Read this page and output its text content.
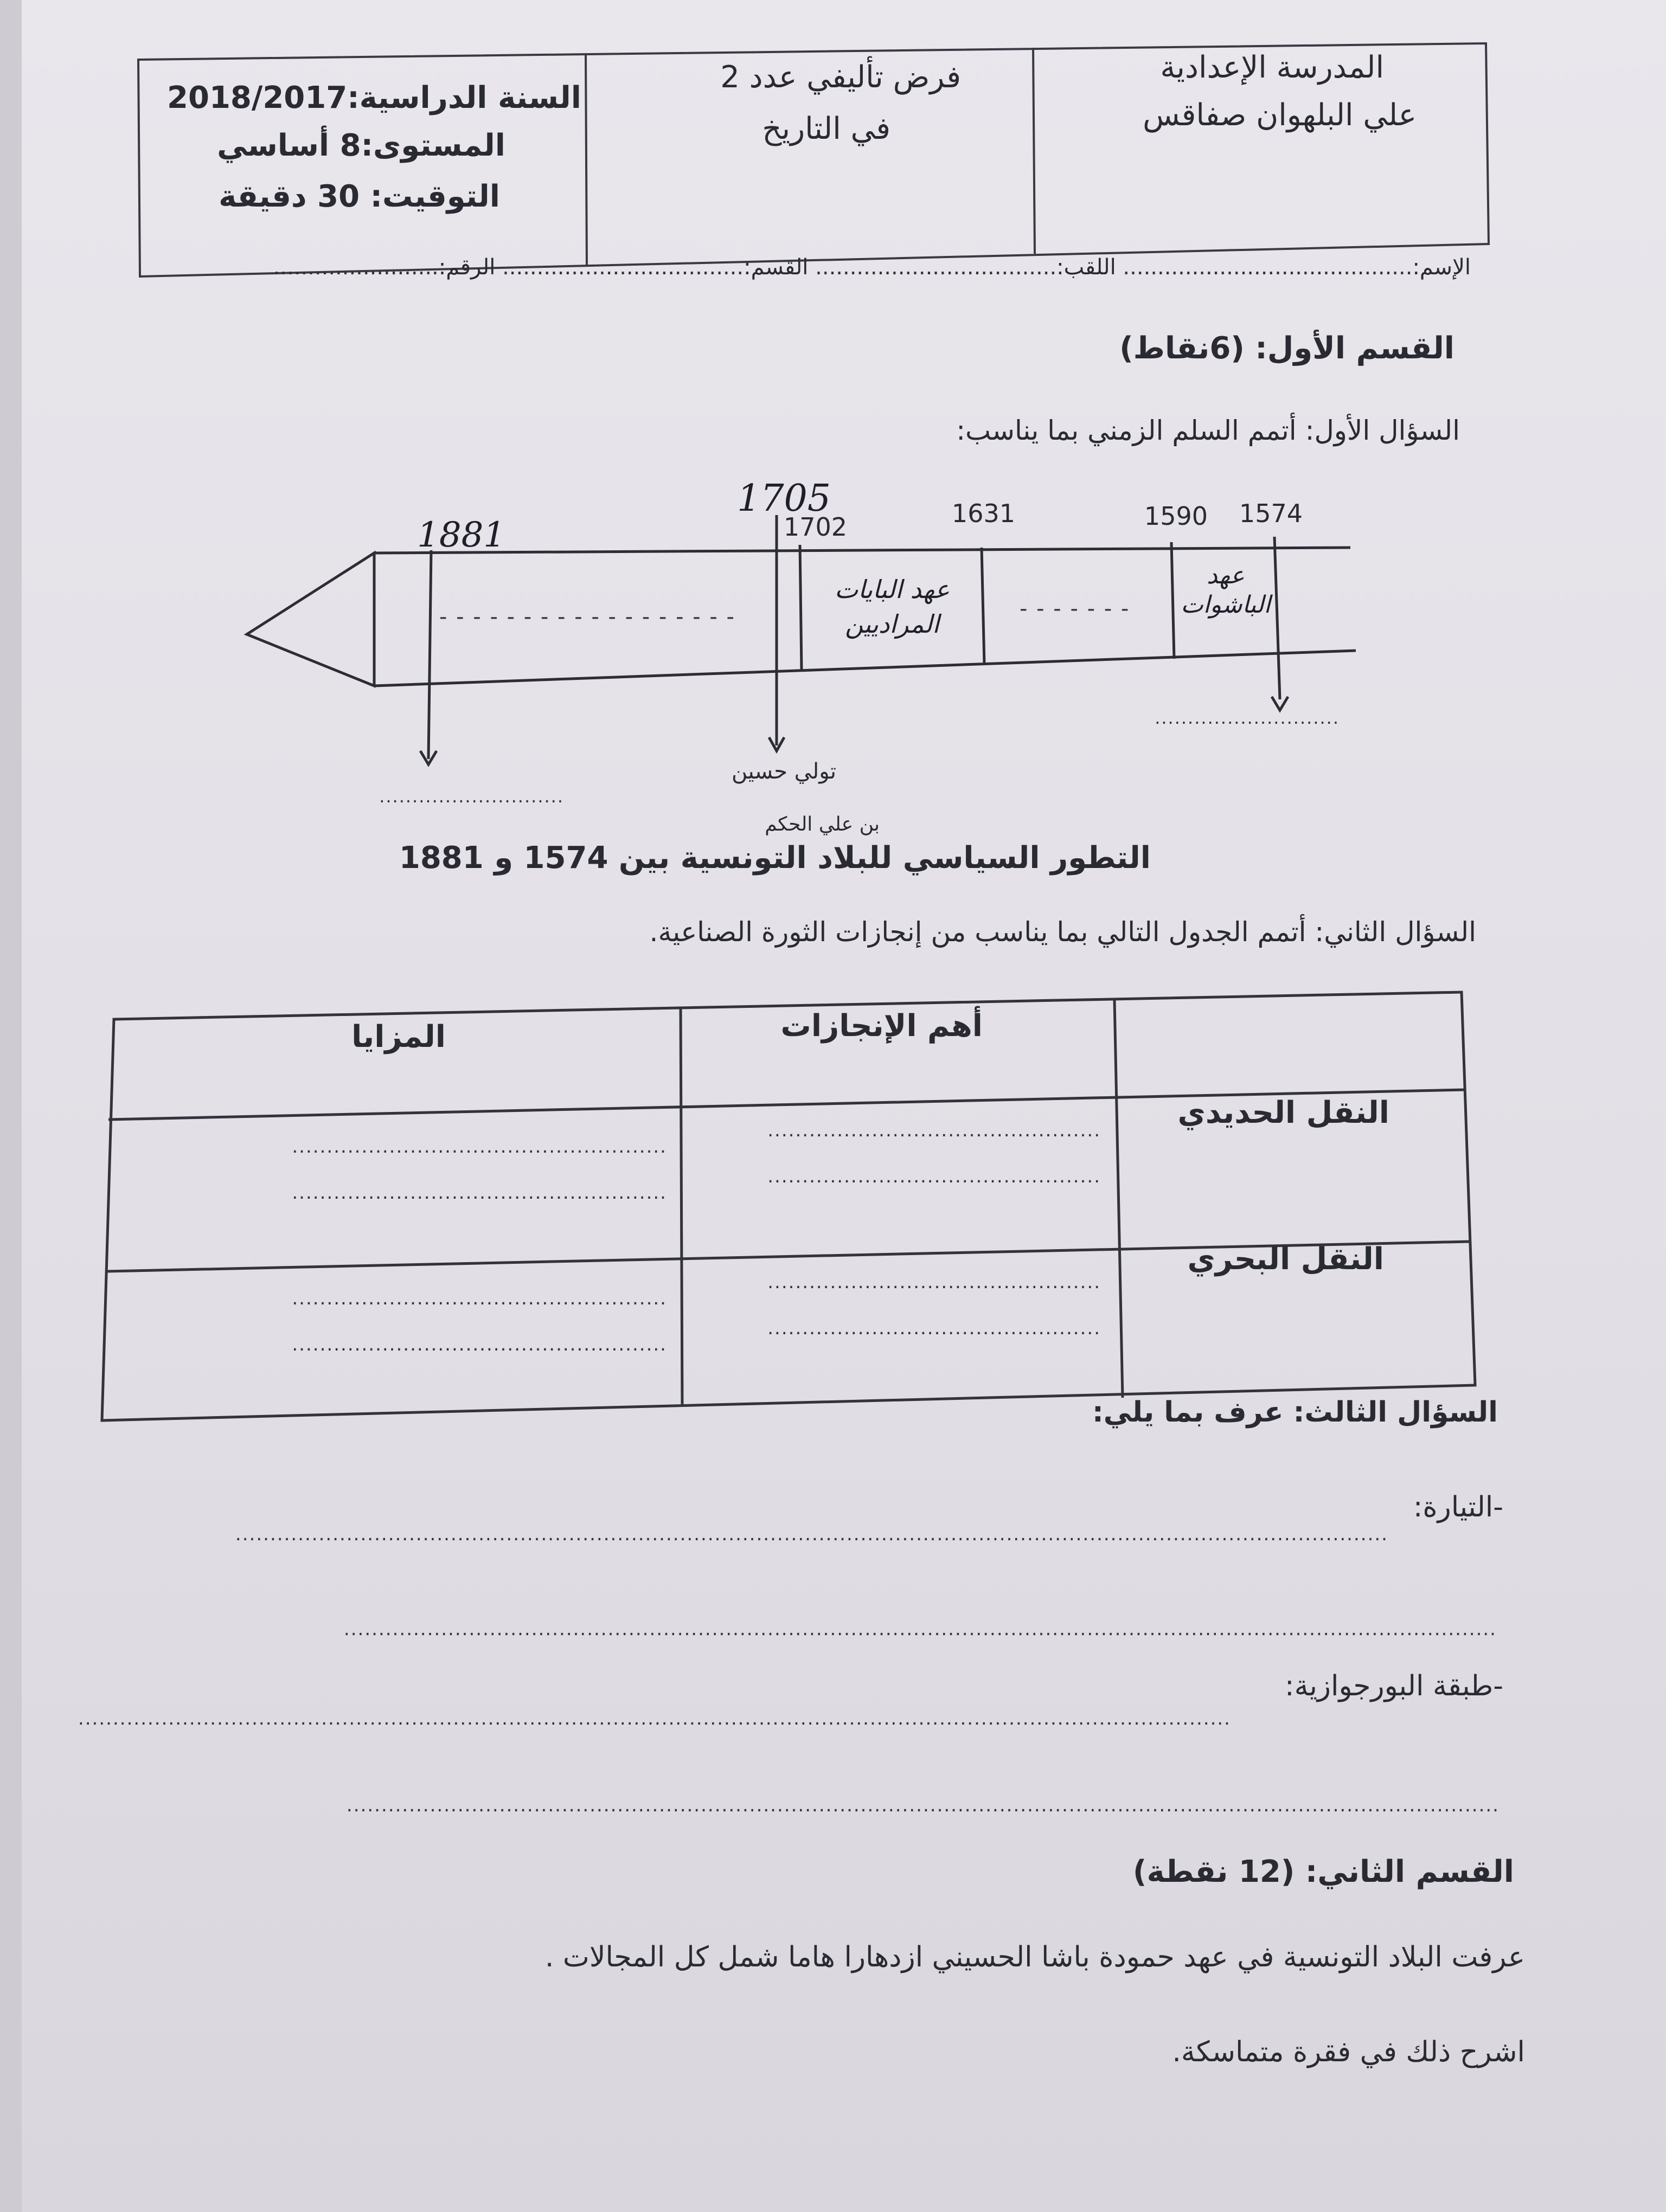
المدرسة الإعدادية
علي البلهوان صفاقس
فرض تأليفي عدد 2
في التاريخ
السنة الدراسية:2018/2017
المستوى:8 أساسي
التوقيت: 30 دقيقة
الإسم:.......................................... اللقب:................................... القسم:................................... الرقم:........................
القسم الأول: (6نقاط)
السؤال الأول: أتمم السلم الزمني بما يناسب:
1574
1590
1631
1702
1705
1881
عهد الباشوات
عهد البايات المراديين
- - - - - - -
- - - - - - - - - - - - - - - - - -
............................
............................
تولي حسين
بن علي الحكم
التطور السياسي للبلاد التونسية بين 1574 و 1881
السؤال الثاني: أتمم الجدول التالي بما يناسب من إنجازات الثورة الصناعية.
المزايا	أهم الإنجازات
النقل الحديدي
النقل البحري
................................................
................................................
......................................................
......................................................
................................................
................................................
......................................................
......................................................
السؤال الثالث: عرف بما يلي:
-التيارة:
......................................................................................................................................................................
......................................................................................................................................................................
-طبقة البورجوازية:
......................................................................................................................................................................
......................................................................................................................................................................
القسم الثاني: (12 نقطة)
عرفت البلاد التونسية في عهد حمودة باشا الحسيني ازدهارا هاما شمل كل المجالات .
اشرح ذلك في فقرة متماسكة.
